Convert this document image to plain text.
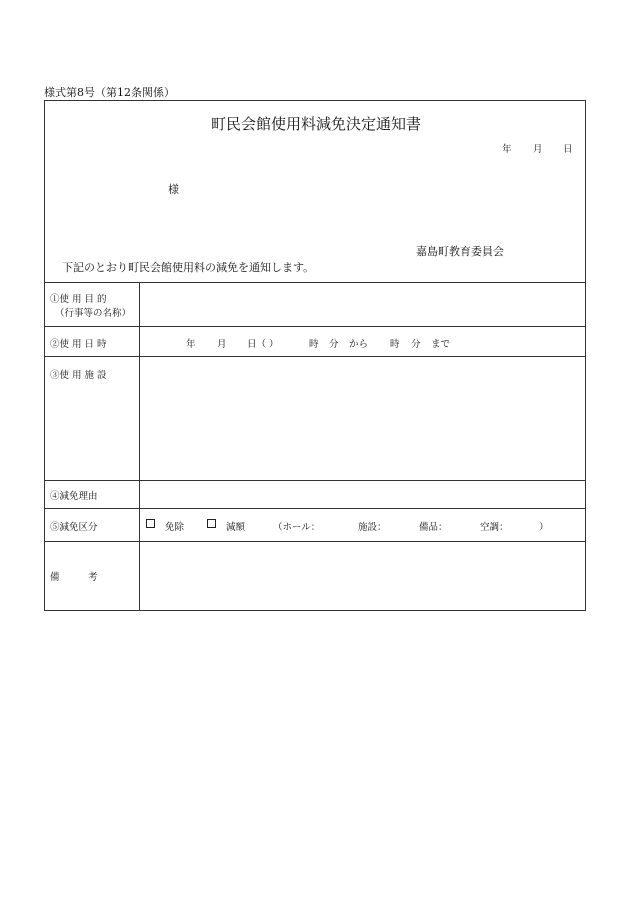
様式第8号（第12条関係）
町民会館使用料減免決定通知書
年 月 日
様
嘉島町教育委員会
下記のとおり町民会館使用料の減免を通知します。
①使 用 目 的
（行事等の名称）
②使 用 日 時	年 月 日（ ）	時 分 から 時 分 まで
③使 用 施 設
④減免理由
⑤減免区分	免除	減額	（ホール：	施設：	備品：	空調：	）
備　　　考
